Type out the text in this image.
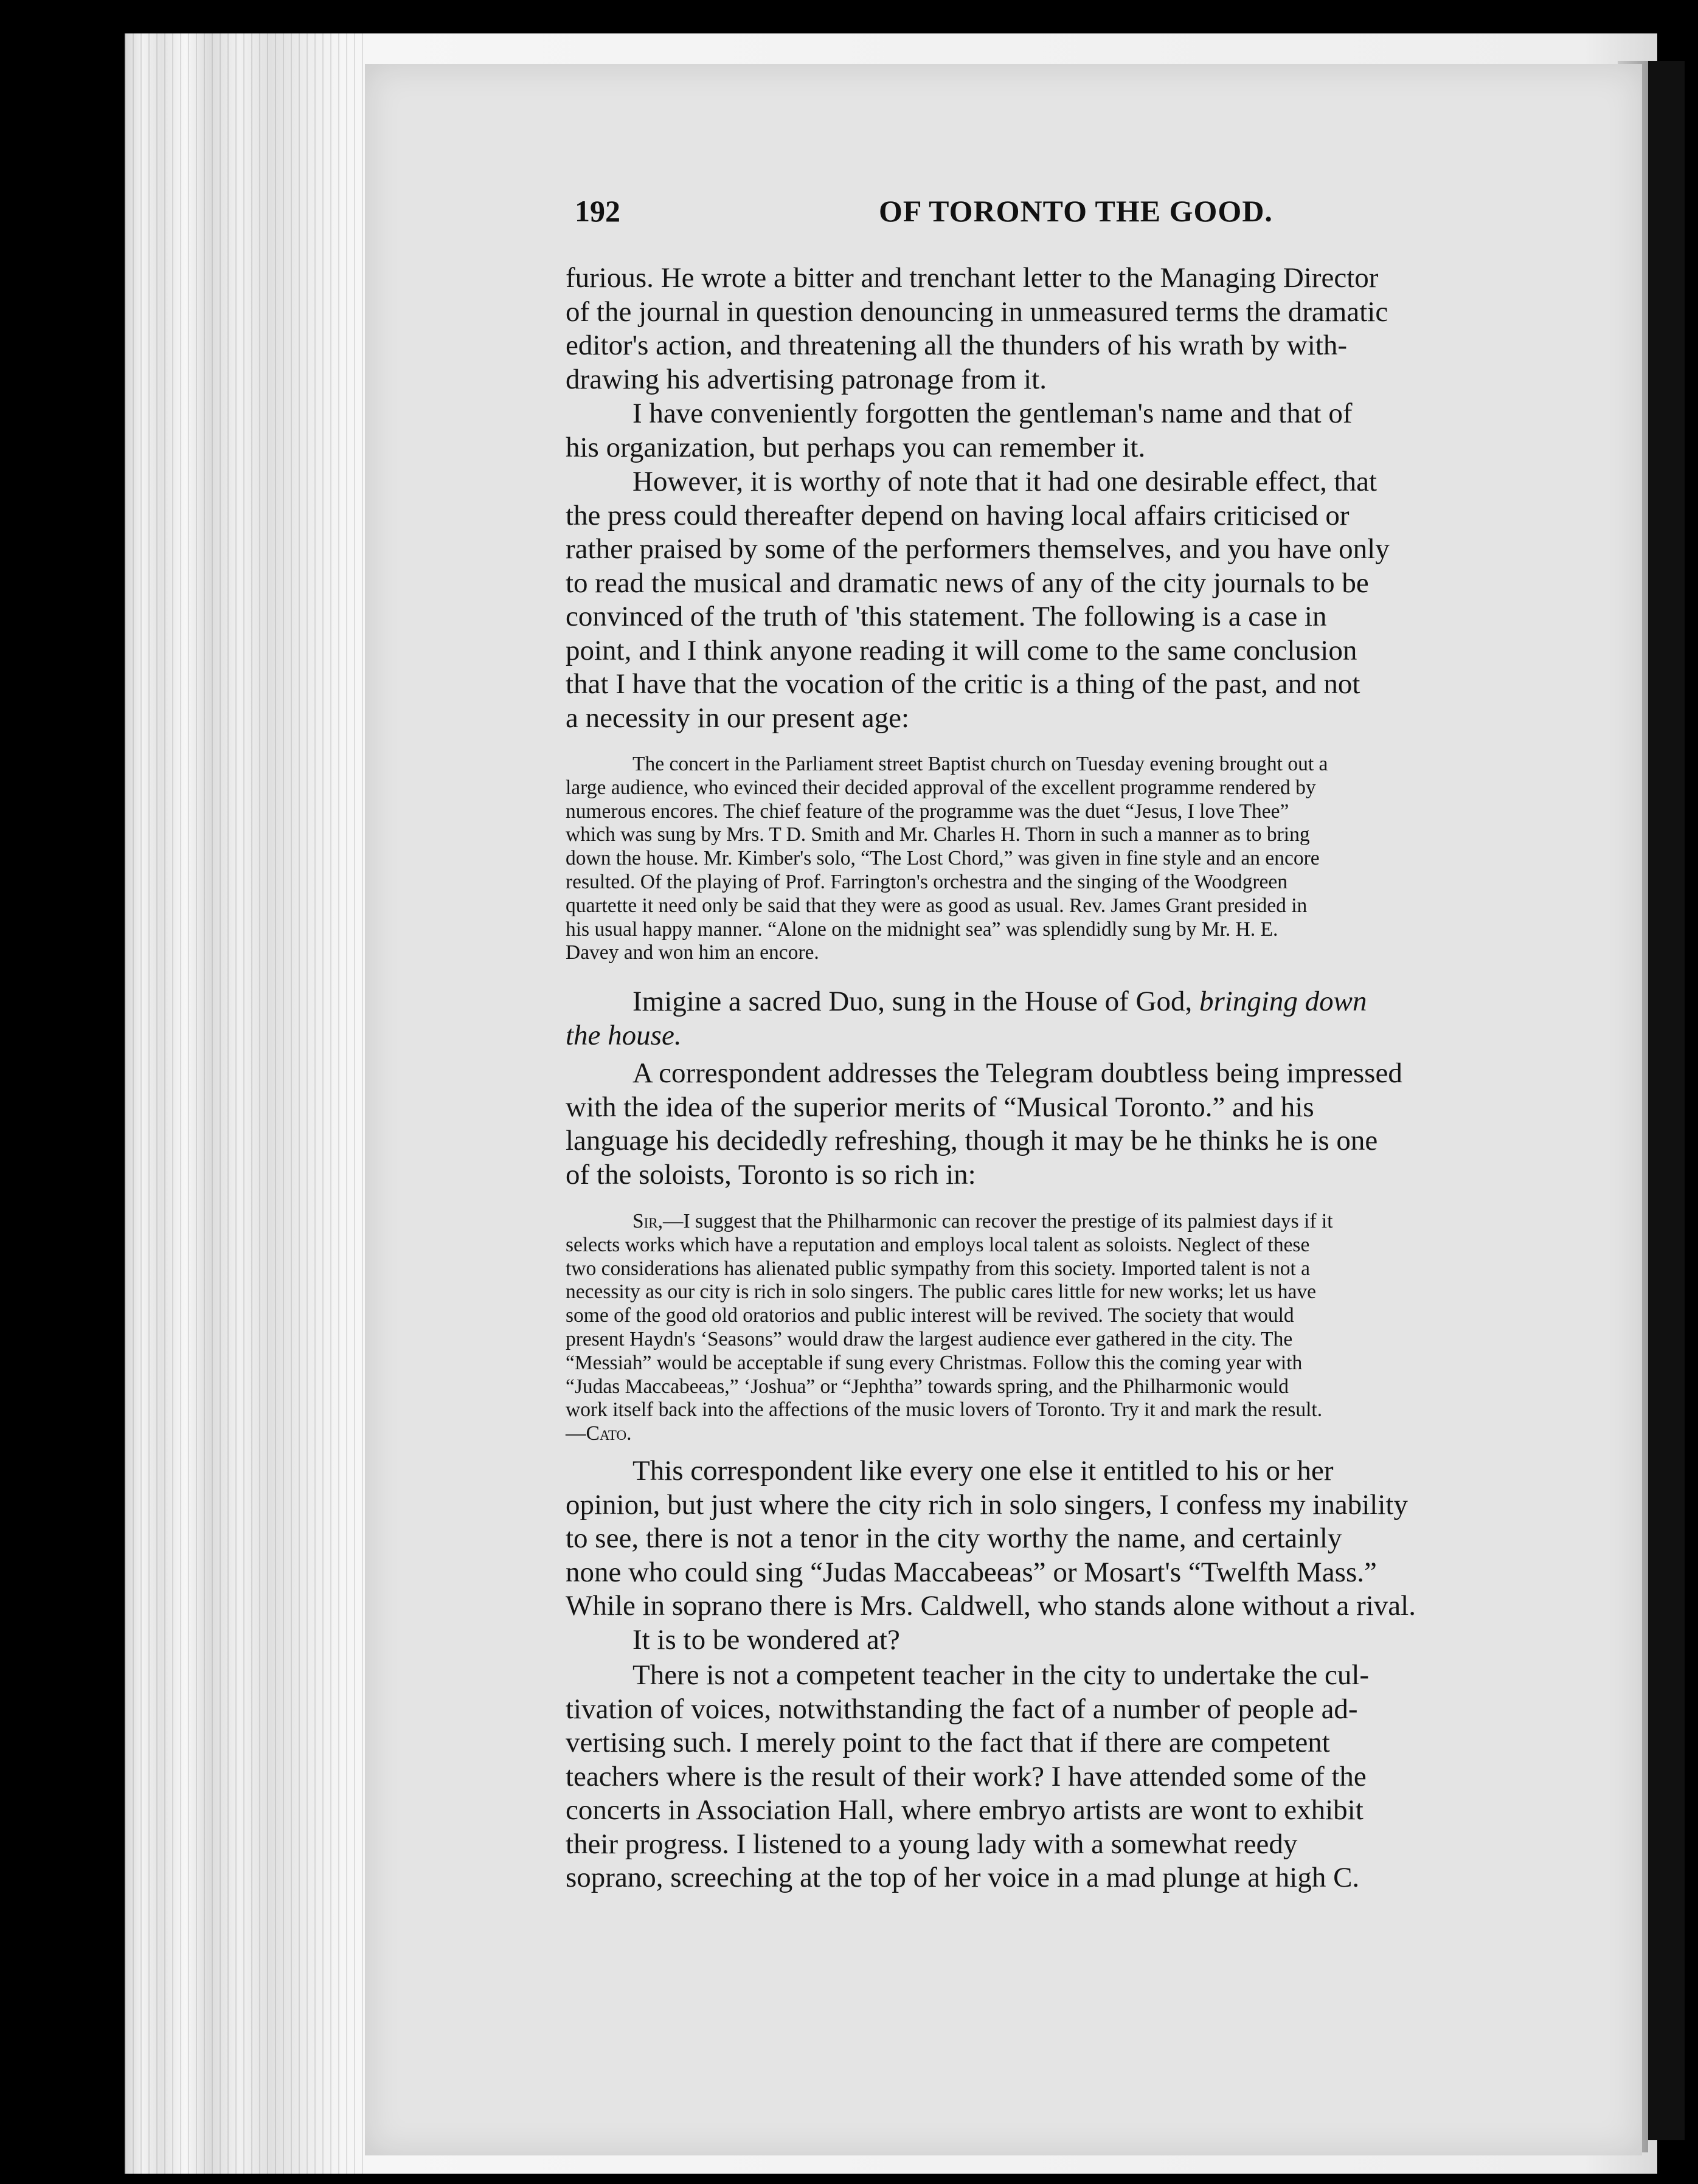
192	OF TORONTO THE GOOD.
furious. He wrote a bitter and trenchant letter to the Managing Director
of the journal in question denouncing in unmeasured terms the dramatic
editor's action, and threatening all the thunders of his wrath by with-
drawing his advertising patronage from it.
I have conveniently forgotten the gentleman's name and that of
his organization, but perhaps you can remember it.
However, it is worthy of note that it had one desirable effect, that
the press could thereafter depend on having local affairs criticised or
rather praised by some of the performers themselves, and you have only
to read the musical and dramatic news of any of the city journals to be
convinced of the truth of 'this statement. The following is a case in
point, and I think anyone reading it will come to the same conclusion
that I have that the vocation of the critic is a thing of the past, and not
a necessity in our present age:
The concert in the Parliament street Baptist church on Tuesday evening brought out a
large audience, who evinced their decided approval of the excellent programme rendered by
numerous encores. The chief feature of the programme was the duet “Jesus, I love Thee”
which was sung by Mrs. T D. Smith and Mr. Charles H. Thorn in such a manner as to bring
down the house. Mr. Kimber's solo, “The Lost Chord,” was given in fine style and an encore
resulted. Of the playing of Prof. Farrington's orchestra and the singing of the Woodgreen
quartette it need only be said that they were as good as usual. Rev. James Grant presided in
his usual happy manner. “Alone on the midnight sea” was splendidly sung by Mr. H. E.
Davey and won him an encore.
Imigine a sacred Duo, sung in the House of God, bringing down
the house.
A correspondent addresses the Telegram doubtless being impressed
with the idea of the superior merits of “Musical Toronto.” and his
language his decidedly refreshing, though it may be he thinks he is one
of the soloists, Toronto is so rich in:
Sir,—I suggest that the Philharmonic can recover the prestige of its palmiest days if it
selects works which have a reputation and employs local talent as soloists. Neglect of these
two considerations has alienated public sympathy from this society. Imported talent is not a
necessity as our city is rich in solo singers. The public cares little for new works; let us have
some of the good old oratorios and public interest will be revived. The society that would
present Haydn's ‘Seasons” would draw the largest audience ever gathered in the city. The
“Messiah” would be acceptable if sung every Christmas. Follow this the coming year with
“Judas Maccabeeas,” ‘Joshua” or “Jephtha” towards spring, and the Philharmonic would
work itself back into the affections of the music lovers of Toronto. Try it and mark the result.
—Cato.
This correspondent like every one else it entitled to his or her
opinion, but just where the city rich in solo singers, I confess my inability
to see, there is not a tenor in the city worthy the name, and certainly
none who could sing “Judas Maccabeeas” or Mosart's “Twelfth Mass.”
While in soprano there is Mrs. Caldwell, who stands alone without a rival.
It is to be wondered at?
There is not a competent teacher in the city to undertake the cul-
tivation of voices, notwithstanding the fact of a number of people ad-
vertising such. I merely point to the fact that if there are competent
teachers where is the result of their work? I have attended some of the
concerts in Association Hall, where embryo artists are wont to exhibit
their progress. I listened to a young lady with a somewhat reedy
soprano, screeching at the top of her voice in a mad plunge at high C.
